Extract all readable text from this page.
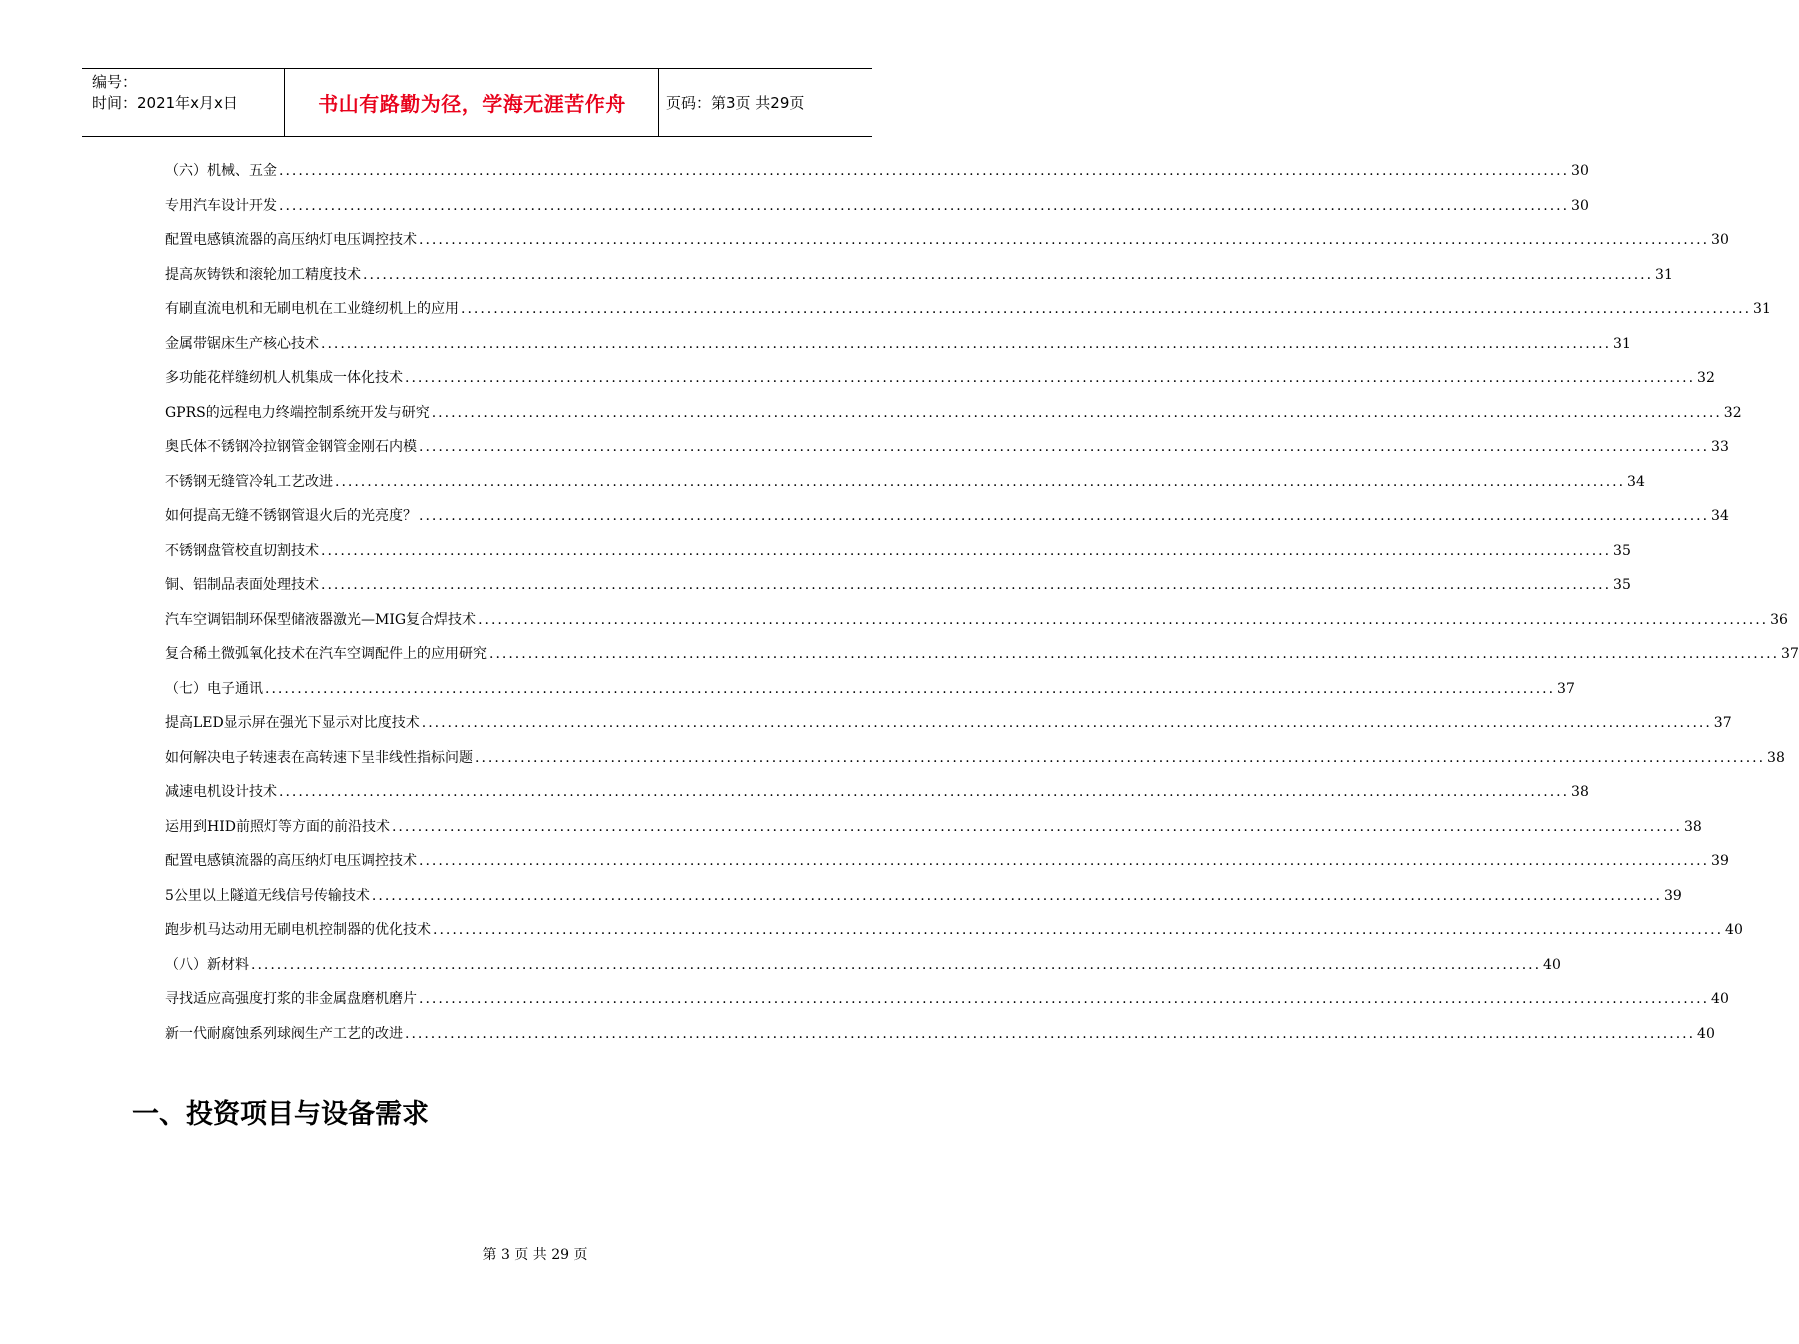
编号：
时间：2021年x月x日	书山有路勤为径，学海无涯苦作舟	页码：第3页 共29页
（六）机械、五金 ........................................................................................................................................................................................................ 30
专用汽车设计开发 ........................................................................................................................................................................................................ 30
配置电感镇流器的高压纳灯电压调控技术 ........................................................................................................................................................................................................ 30
提高灰铸铁和滚轮加工精度技术 ........................................................................................................................................................................................................ 31
有刷直流电机和无刷电机在工业缝纫机上的应用 ........................................................................................................................................................................................................ 31
金属带锯床生产核心技术 ........................................................................................................................................................................................................ 31
多功能花样缝纫机人机集成一体化技术 ........................................................................................................................................................................................................ 32
GPRS的远程电力终端控制系统开发与研究 ........................................................................................................................................................................................................ 32
奥氏体不锈钢冷拉钢管金钢管金刚石内模 ........................................................................................................................................................................................................ 33
不锈钢无缝管冷轧工艺改进 ........................................................................................................................................................................................................ 34
如何提高无缝不锈钢管退火后的光亮度？ ........................................................................................................................................................................................................ 34
不锈钢盘管校直切割技术 ........................................................................................................................................................................................................ 35
铜、铝制品表面处理技术 ........................................................................................................................................................................................................ 35
汽车空调铝制环保型储液器激光—MIG复合焊技术 ........................................................................................................................................................................................................ 36
复合稀土微弧氧化技术在汽车空调配件上的应用研究 ........................................................................................................................................................................................................ 37
（七）电子通讯 ........................................................................................................................................................................................................ 37
提高LED显示屏在强光下显示对比度技术 ........................................................................................................................................................................................................ 37
如何解决电子转速表在高转速下呈非线性指标问题 ........................................................................................................................................................................................................ 38
减速电机设计技术 ........................................................................................................................................................................................................ 38
运用到HID前照灯等方面的前沿技术 ........................................................................................................................................................................................................ 38
配置电感镇流器的高压纳灯电压调控技术 ........................................................................................................................................................................................................ 39
5公里以上隧道无线信号传输技术 ........................................................................................................................................................................................................ 39
跑步机马达动用无刷电机控制器的优化技术 ........................................................................................................................................................................................................ 40
（八）新材料 ........................................................................................................................................................................................................ 40
寻找适应高强度打浆的非金属盘磨机磨片 ........................................................................................................................................................................................................ 40
新一代耐腐蚀系列球阀生产工艺的改进 ........................................................................................................................................................................................................ 40
一、投资项目与设备需求
第 3 页 共 29 页
